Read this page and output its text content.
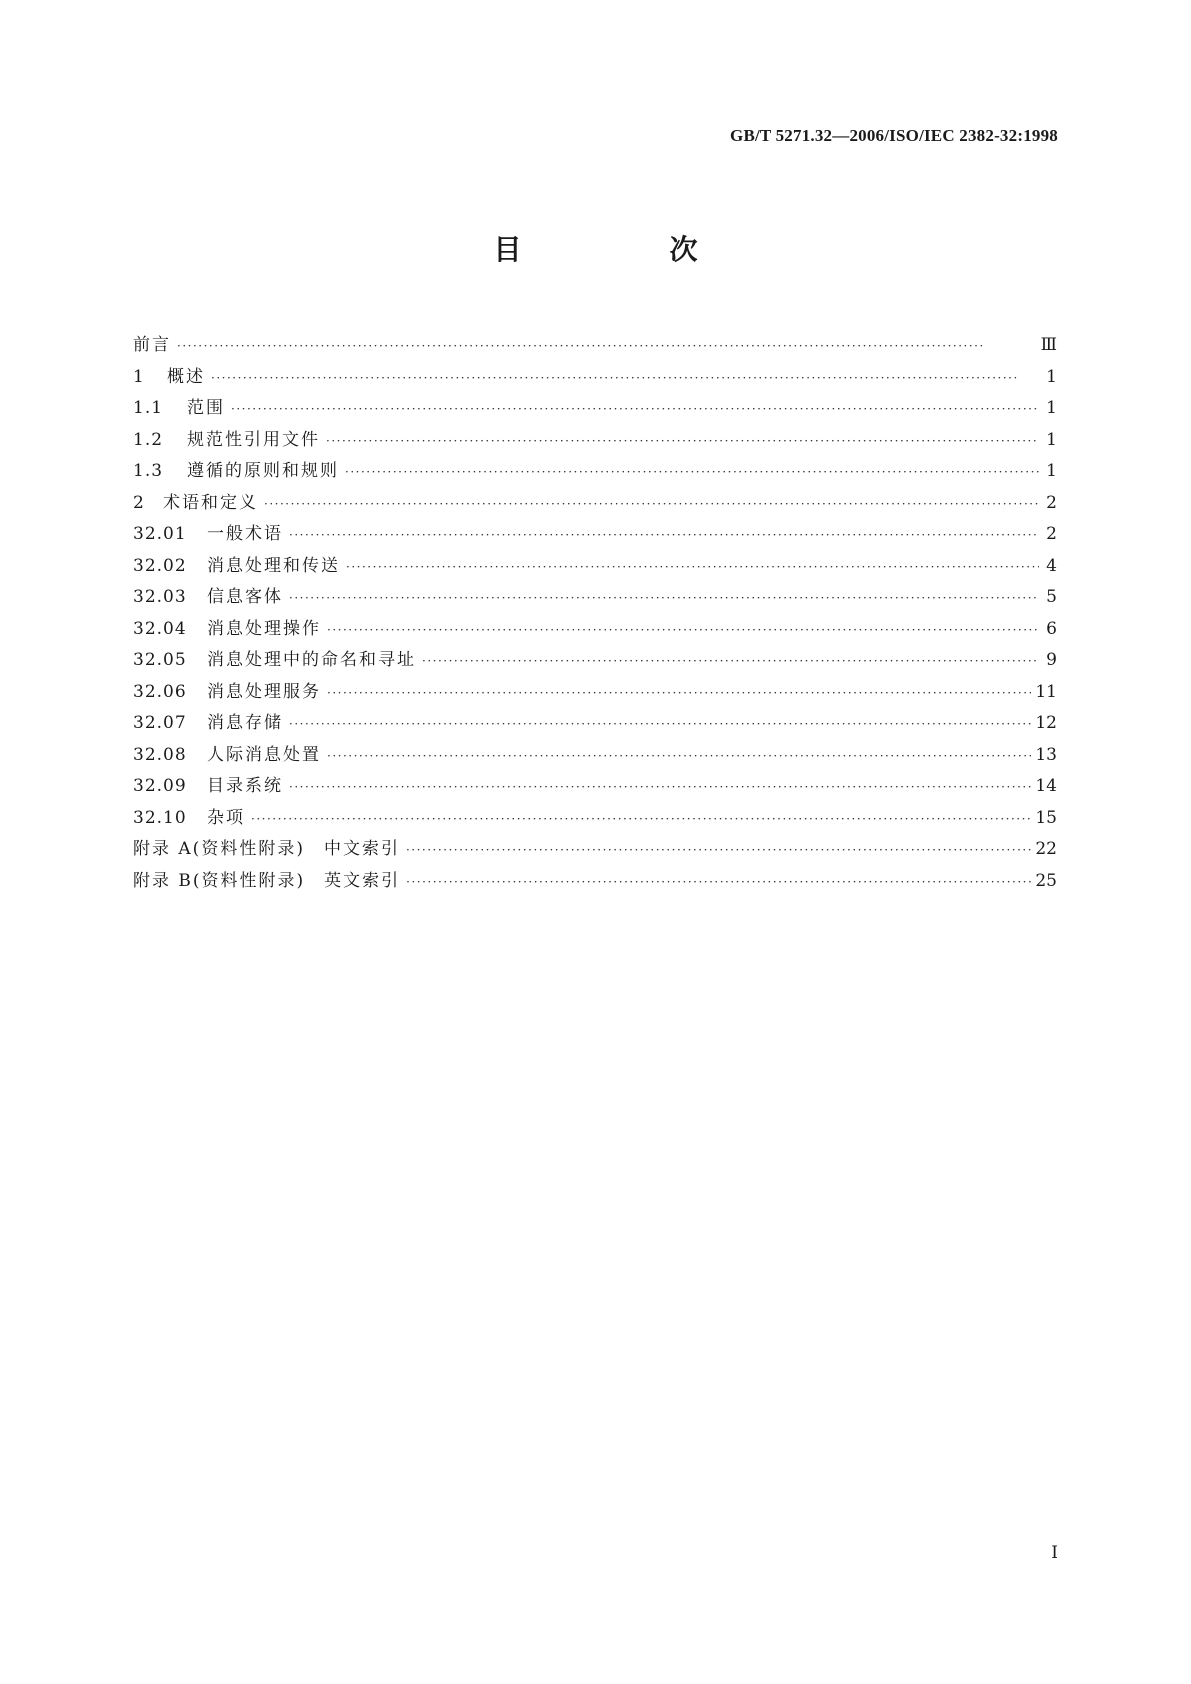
GB/T 5271.32—2006/ISO/IEC 2382-32:1998
目　次
前言 ·····	Ⅲ
1	概述 ·····	1
1.1	范围 ·····	1
1.2	规范性引用文件 ·····	1
1.3	遵循的原则和规则 ·····	1
2	术语和定义 ·····	2
32.01	一般术语 ·····	2
32.02	消息处理和传送 ·····	4
32.03	信息客体 ·····	5
32.04	消息处理操作 ·····	6
32.05	消息处理中的命名和寻址 ·····	9
32.06	消息处理服务 ·····	11
32.07	消息存储 ·····	12
32.08	人际消息处置 ·····	13
32.09	目录系统 ·····	14
32.10	杂项 ·····	15
附录 A(资料性附录)　中文索引 ·····	22
附录 B(资料性附录)　英文索引 ·····	25
Ⅰ
